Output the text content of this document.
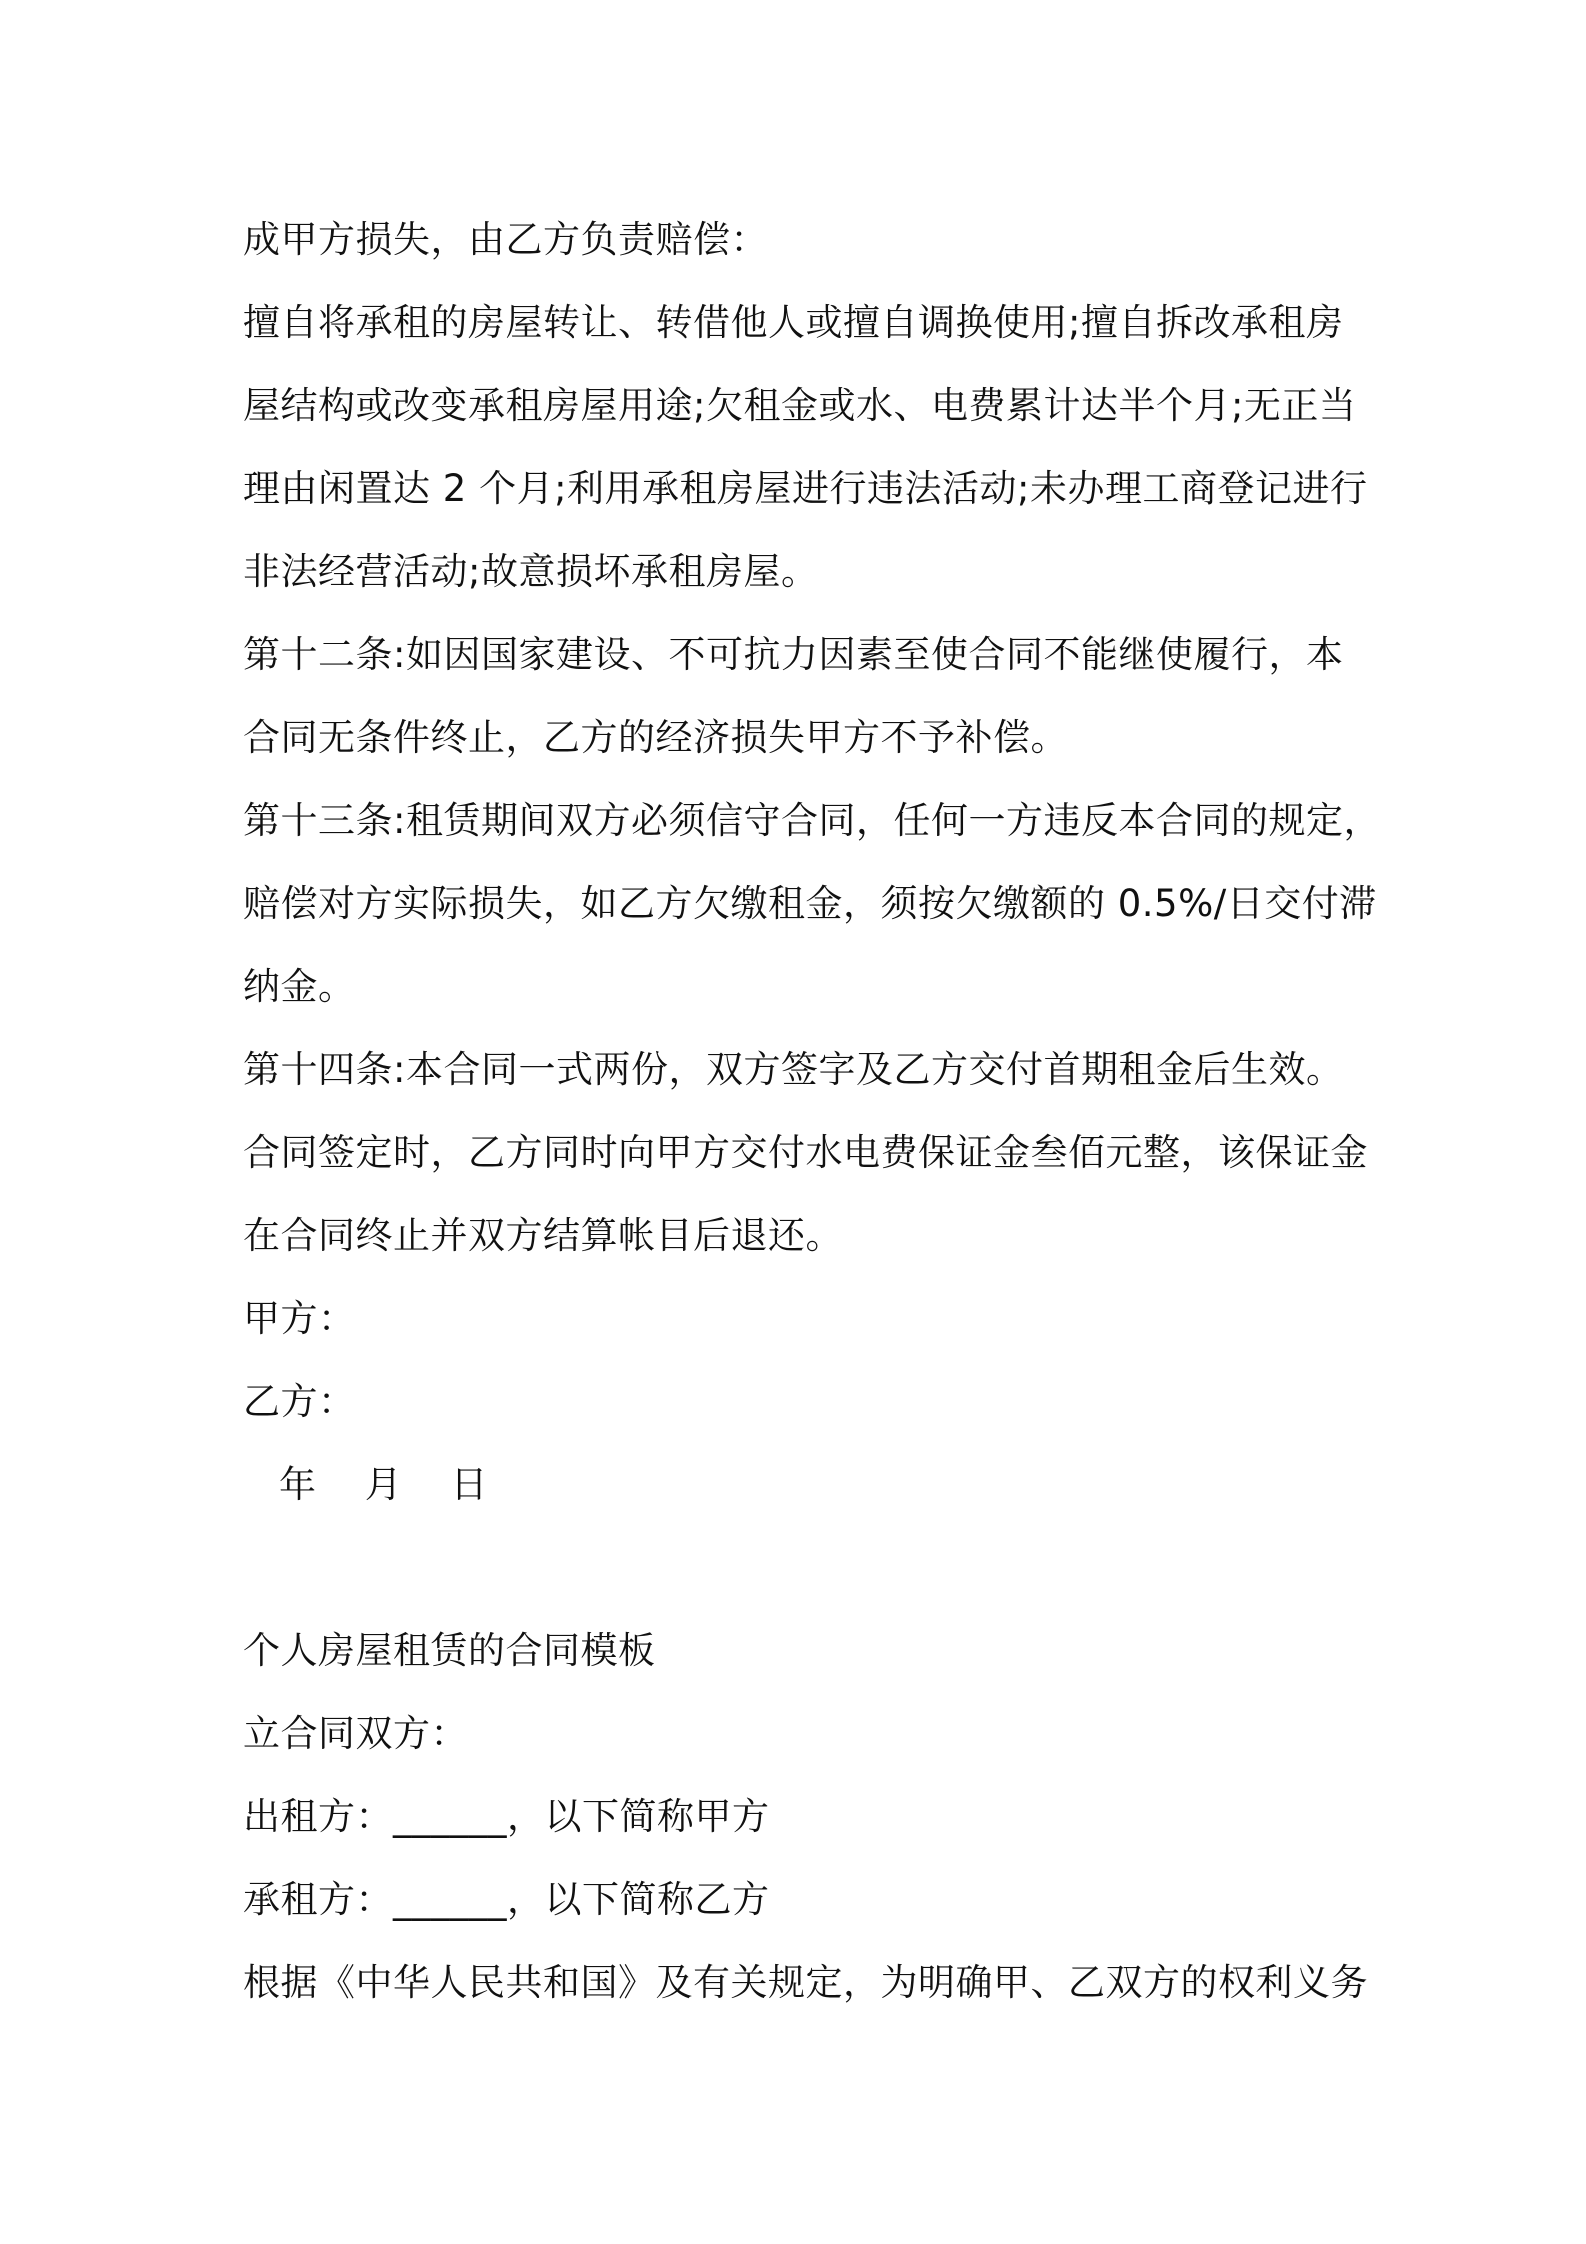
成甲方损失，由乙方负责赔偿：
擅自将承租的房屋转让、转借他人或擅自调换使用;擅自拆改承租房
屋结构或改变承租房屋用途;欠租金或水、电费累计达半个月;无正当
理由闲置达 2 个月;利用承租房屋进行违法活动;未办理工商登记进行
非法经营活动;故意损坏承租房屋。
第十二条:如因国家建设、不可抗力因素至使合同不能继使履行，本
合同无条件终止，乙方的经济损失甲方不予补偿。
第十三条:租赁期间双方必须信守合同，任何一方违反本合同的规定，
赔偿对方实际损失，如乙方欠缴租金，须按欠缴额的 0.5%/日交付滞
纳金。
第十四条:本合同一式两份，双方签字及乙方交付首期租金后生效。
合同签定时，乙方同时向甲方交付水电费保证金叁佰元整，该保证金
在合同终止并双方结算帐目后退还。
甲方：
乙方：
年 月 日
个人房屋租赁的合同模板
立合同双方：
出租方：______，以下简称甲方
承租方：______，以下简称乙方
根据《中华人民共和国》及有关规定，为明确甲、乙双方的权利义务
